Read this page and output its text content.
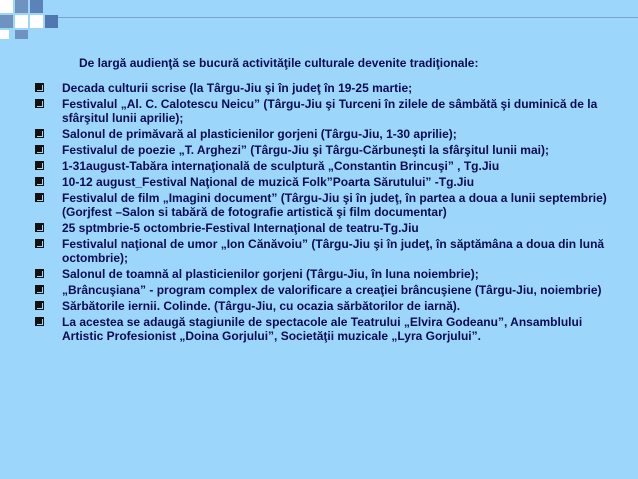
De largă audienţă se bucură activităţile culturale devenite tradiţionale:
Decada culturii scrise (la Târgu-Jiu şi în judeţ în 19-25 martie;
Festivalul „Al. C. Calotescu Neicu” (Târgu-Jiu şi Turceni în zilele de sâmbătă şi duminică de la sfârşitul lunii aprilie);
Salonul de primăvară al plasticienilor gorjeni (Târgu-Jiu, 1-30 aprilie);
Festivalul de poezie „T. Arghezi” (Târgu-Jiu şi Târgu-Cărbuneşti la sfârşitul lunii mai);
1-31august-Tabăra internaţională de sculptură „Constantin Brincuşi” , Tg.Jiu
10-12 august_Festival Naţional de muzică Folk”Poarta Sărutului” -Tg.Jiu
Festivalul de film „Imagini document” (Târgu-Jiu şi în judeţ, în partea a doua a lunii septembrie)(Gorjfest –Salon si tabără de fotografie artistică şi film documentar)
25 sptmbrie-5 octombrie-Festival Internaţional de teatru-Tg.Jiu
Festivalul naţional de umor „Ion Cănăvoiu” (Târgu-Jiu şi în judeţ, în săptămâna a doua din lună octombrie);
Salonul de toamnă al plasticienilor gorjeni (Târgu-Jiu, în luna noiembrie);
„Brâncuşiana” - program complex de valorificare a creaţiei brâncuşiene (Târgu-Jiu, noiembrie)
Sărbătorile iernii. Colinde. (Târgu-Jiu, cu ocazia sărbătorilor de iarnă).
La acestea se adaugă stagiunile de spectacole ale Teatrului „Elvira Godeanu”, Ansamblului Artistic Profesionist „Doina Gorjului”, Societăţii muzicale „Lyra Gorjului”.
